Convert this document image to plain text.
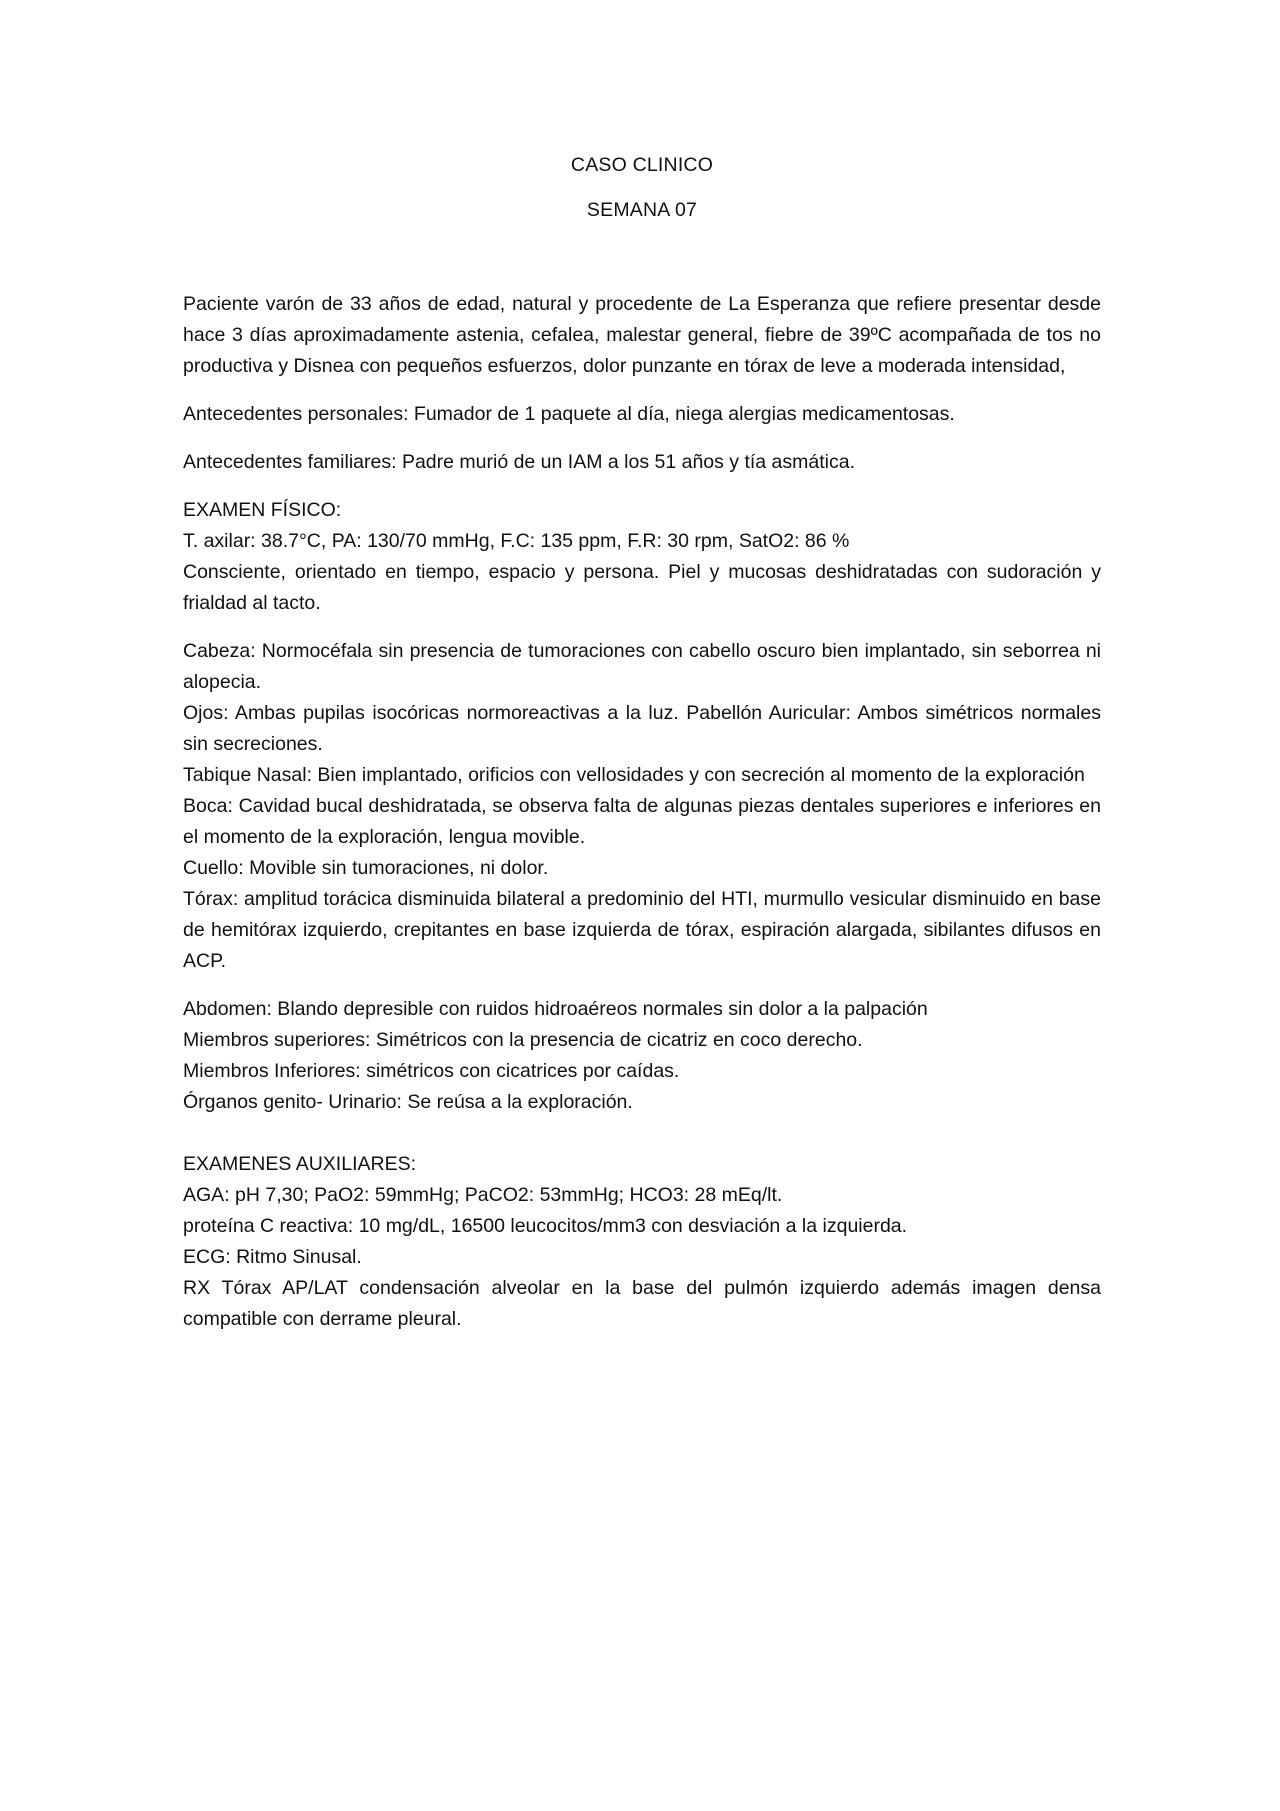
CASO CLINICO

SEMANA 07

Paciente varón de 33 años de edad, natural y procedente de La Esperanza que refiere presentar desde hace 3 días aproximadamente astenia, cefalea, malestar general, fiebre de 39ºC acompañada de tos no productiva y Disnea con pequeños esfuerzos, dolor punzante en tórax de leve a moderada intensidad,

Antecedentes personales: Fumador de 1 paquete al día, niega alergias medicamentosas.

Antecedentes familiares: Padre murió de un IAM a los 51 años y tía asmática.

EXAMEN FÍSICO:

T. axilar: 38.7°C, PA: 130/70 mmHg, F.C: 135 ppm, F.R: 30 rpm, SatO2: 86 %

Consciente, orientado en tiempo, espacio y persona. Piel y mucosas deshidratadas con sudoración y frialdad al tacto.

Cabeza: Normocéfala sin presencia de tumoraciones con cabello oscuro bien implantado, sin seborrea ni alopecia.

Ojos: Ambas pupilas isocóricas normoreactivas a la luz. Pabellón Auricular: Ambos simétricos normales sin secreciones.

Tabique Nasal: Bien implantado, orificios con vellosidades y con secreción al momento de la exploración

Boca: Cavidad bucal deshidratada, se observa falta de algunas piezas dentales superiores e inferiores en el momento de la exploración, lengua movible.

Cuello: Movible sin tumoraciones, ni dolor.

Tórax: amplitud torácica disminuida bilateral a predominio del HTI, murmullo vesicular disminuido en base de hemitórax izquierdo, crepitantes en base izquierda de tórax, espiración alargada, sibilantes difusos en ACP.

Abdomen: Blando depresible con ruidos hidroaéreos normales sin dolor a la palpación

Miembros superiores: Simétricos con la presencia de cicatriz en coco derecho.

Miembros Inferiores: simétricos con cicatrices por caídas.

Órganos genito- Urinario: Se reúsa a la exploración.

EXAMENES AUXILIARES:

AGA: pH 7,30; PaO2: 59mmHg; PaCO2: 53mmHg; HCO3: 28 mEq/lt.

proteína C reactiva: 10 mg/dL, 16500 leucocitos/mm3 con desviación a la izquierda.

ECG: Ritmo Sinusal.

RX Tórax AP/LAT condensación alveolar en la base del pulmón izquierdo además imagen densa compatible con derrame pleural.
